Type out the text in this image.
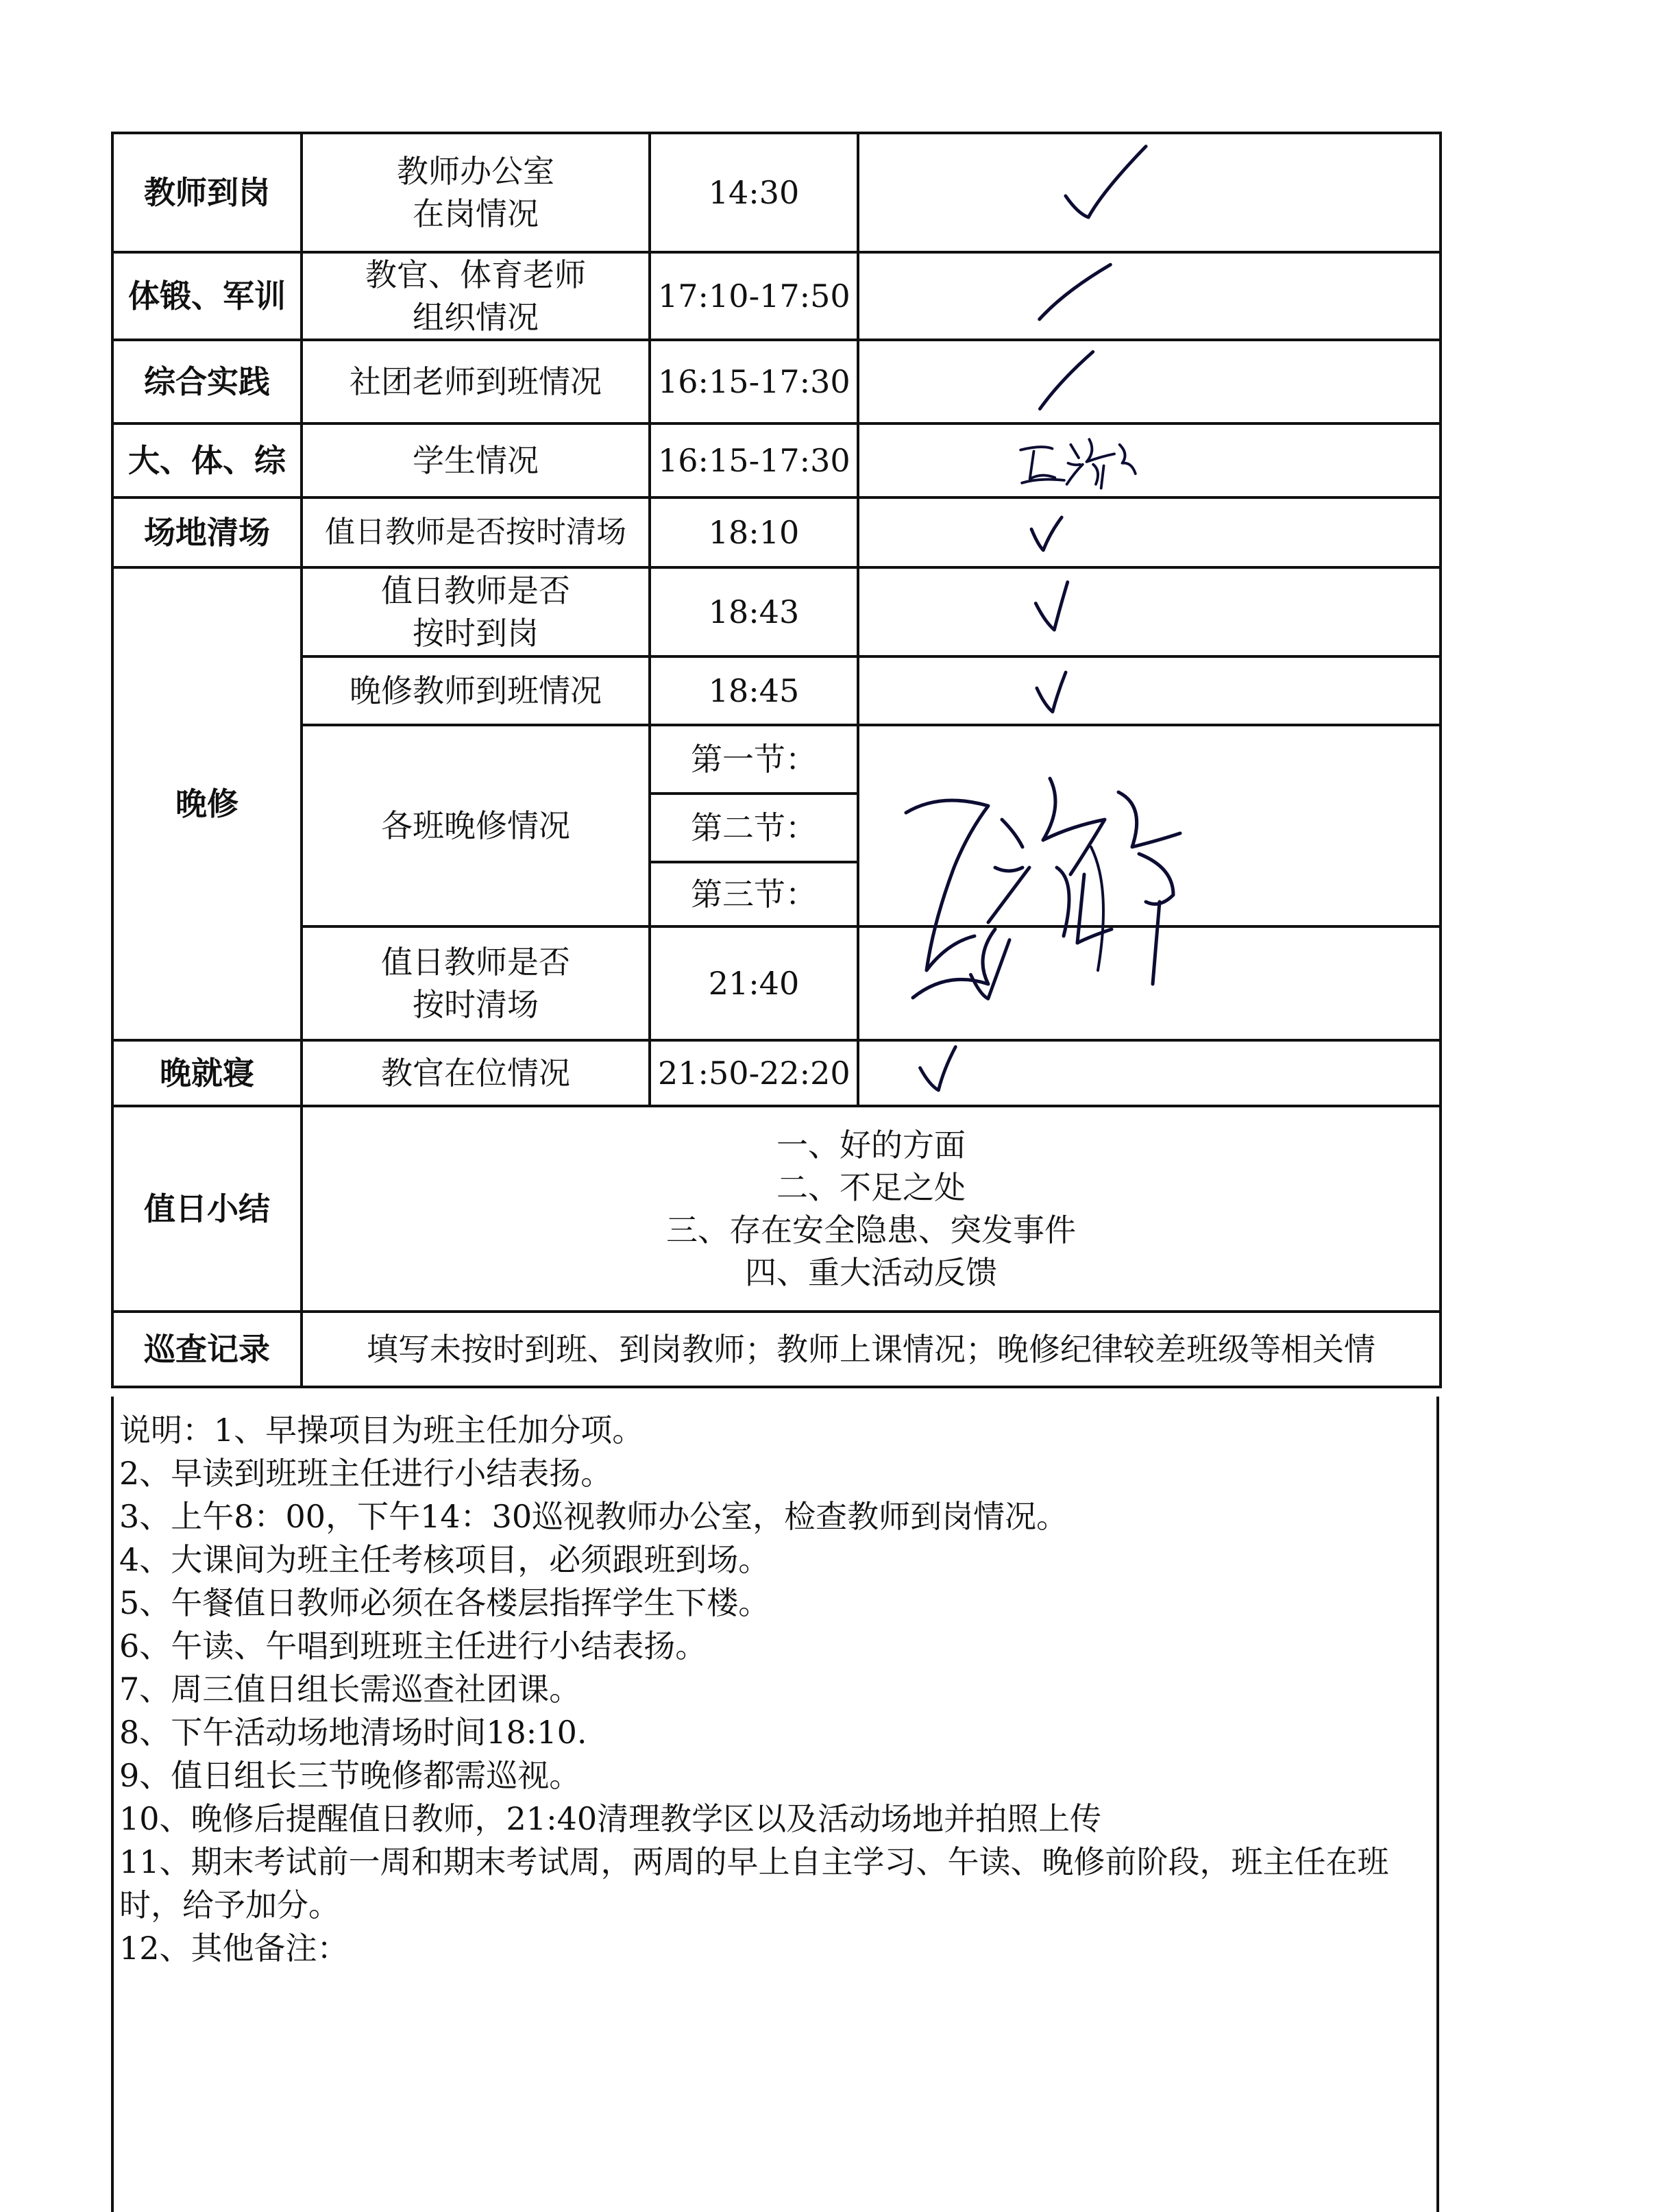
教师到岗	教师办公室
在岗情况	14:30	

体锻、军训	教官、体育老师
组织情况	17:10-17:50	

综合实践	社团老师到班情况	16:15-17:30	

大、体、综	学生情况	16:15-17:30	

场地清场	值日教师是否按时清场	18:10	

晚修	值日教师是否
按时到岗	18:43	

	晚修教师到班情况	18:45	

	各班晚修情况	第一节：	
		第二节：	
		第三节：	

	值日教师是否
按时清场	21:40	

晚就寝	教官在位情况	21:50-22:20	

值日小结	一、好的方面
二、不足之处
三、存在安全隐患、突发事件
四、重大活动反馈		

巡查记录	填写未按时到班、到岗教师；教师上课情况；晚修纪律较差班级等相关情		
说明：1、早操项目为班主任加分项。
2、早读到班班主任进行小结表扬。
3、上午8：00，下午14：30巡视教师办公室，检查教师到岗情况。
4、大课间为班主任考核项目，必须跟班到场。
5、午餐值日教师必须在各楼层指挥学生下楼。
6、午读、午唱到班班主任进行小结表扬。
7、周三值日组长需巡查社团课。
8、下午活动场地清场时间18:10.
9、值日组长三节晚修都需巡视。
10、晚修后提醒值日教师，21:40清理教学区以及活动场地并拍照上传
11、期末考试前一周和期末考试周，两周的早上自主学习、午读、晚修前阶段，班主任在班时，给予加分。
12、其他备注：
